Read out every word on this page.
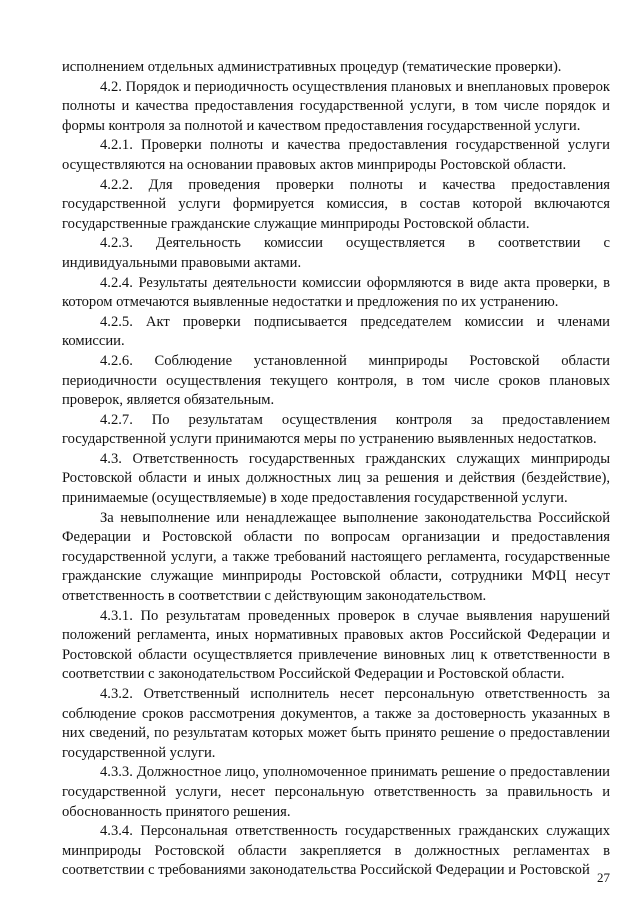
исполнением отдельных административных процедур (тематические проверки).

4.2. Порядок и периодичность осуществления плановых и внеплановых проверок полноты и качества предоставления государственной услуги, в том числе порядок и формы контроля за полнотой и качеством предоставления государственной услуги.

4.2.1. Проверки полноты и качества предоставления государственной услуги осуществляются на основании правовых актов минприроды Ростовской области.

4.2.2. Для проведения проверки полноты и качества предоставления государственной услуги формируется комиссия, в состав которой включаются государственные гражданские служащие минприроды Ростовской области.

4.2.3. Деятельность комиссии осуществляется в соответствии с индивидуальными правовыми актами.

4.2.4. Результаты деятельности комиссии оформляются в виде акта проверки, в котором отмечаются выявленные недостатки и предложения по их устранению.

4.2.5. Акт проверки подписывается председателем комиссии и членами комиссии.

4.2.6. Соблюдение установленной минприроды Ростовской области периодичности осуществления текущего контроля, в том числе сроков плановых проверок, является обязательным.

4.2.7. По результатам осуществления контроля за предоставлением государственной услуги принимаются меры по устранению выявленных недостатков.

4.3. Ответственность государственных гражданских служащих минприроды Ростовской области и иных должностных лиц за решения и действия (бездействие), принимаемые (осуществляемые) в ходе предоставления государственной услуги.

За невыполнение или ненадлежащее выполнение законодательства Российской Федерации и Ростовской области по вопросам организации и предоставления государственной услуги, а также требований настоящего регламента, государственные гражданские служащие минприроды Ростовской области, сотрудники МФЦ несут ответственность в соответствии с действующим законодательством.

4.3.1. По результатам проведенных проверок в случае выявления нарушений положений регламента, иных нормативных правовых актов Российской Федерации и Ростовской области осуществляется привлечение виновных лиц к ответственности в соответствии с законодательством Российской Федерации и Ростовской области.

4.3.2. Ответственный исполнитель несет персональную ответственность за соблюдение сроков рассмотрения документов, а также за достоверность указанных в них сведений, по результатам которых может быть принято решение о предоставлении государственной услуги.

4.3.3. Должностное лицо, уполномоченное принимать решение о предоставлении государственной услуги, несет персональную ответственность за правильность и обоснованность принятого решения.

4.3.4. Персональная ответственность государственных гражданских служащих минприроды Ростовской области закрепляется в должностных регламентах в соответствии с требованиями законодательства Российской Федерации и Ростовской 27
